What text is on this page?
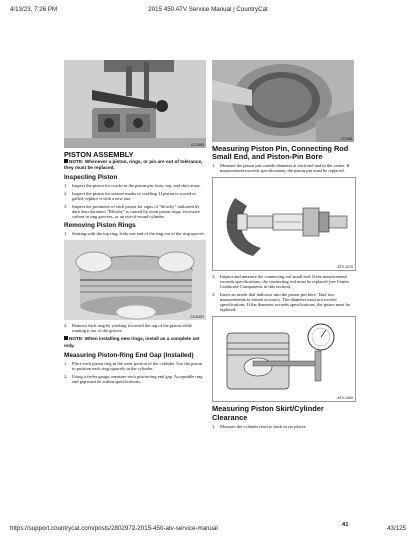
4/13/23, 7:26 PM	2015 450 ATV Service Manual | CountryCat
CC1085
PISTON ASSEMBLY

NOTE: Whenever a piston, rings, or pin are out of tolerance, they must be replaced.

Inspecting Piston
1.	Inspect the piston for cracks in the piston pin, boss, top, and skirt areas.
2.	Inspect the piston for seizure marks or scuffing. If piston is scored or galled, replace it with a new one.
3.	Inspect the perimeter of each piston for signs of "blowby" indicated by dark discoloration. "Blowby" is caused by worn piston rings, excessive carbon in ring grooves, or an out-of-round cylinder.
Removing Piston Rings
1.	Starting with the top ring, slide one end of the ring out of the ring-groove.
CC400D
2.	Remove each ring by working it toward the top of the piston while rotating it out of the groove.

NOTE: When installing new rings, install as a complete set only.

Measuring Piston-Ring End Gap (Installed)
1.	Place each piston ring in the wear portion of the cylinder. Use the piston to position each ring squarely in the cylinder.
2.	Using a feeler gauge, measure each piston-ring end gap. Acceptable ring end gap must be within specifications.
CC996
Measuring Piston Pin, Connecting Rod Small End, and Piston-Pin Bore
1.	Measure the piston pin outside diameter at each end and in the center. If measurement exceeds specifications, the piston pin must be replaced.
ATV-1070
2.	Inspect and measure the connecting rod small end. If the measurement exceeds specifications, the connecting rod must be replaced (see Center Crankcase Components in this section).
3.	Insert an inside dial indicator into the piston-pin bore. Take two measurements to ensure accuracy. The diameter must not exceed specifications. If the diameter exceeds specifications, the piston must be replaced.
ATV-1069
Measuring Piston Skirt/Cylinder Clearance
1.	Measure the cylinder front to back in six places.
41
https://support.countrycat.com/posts/2802972-2015-450-atv-service-manual	43/125
